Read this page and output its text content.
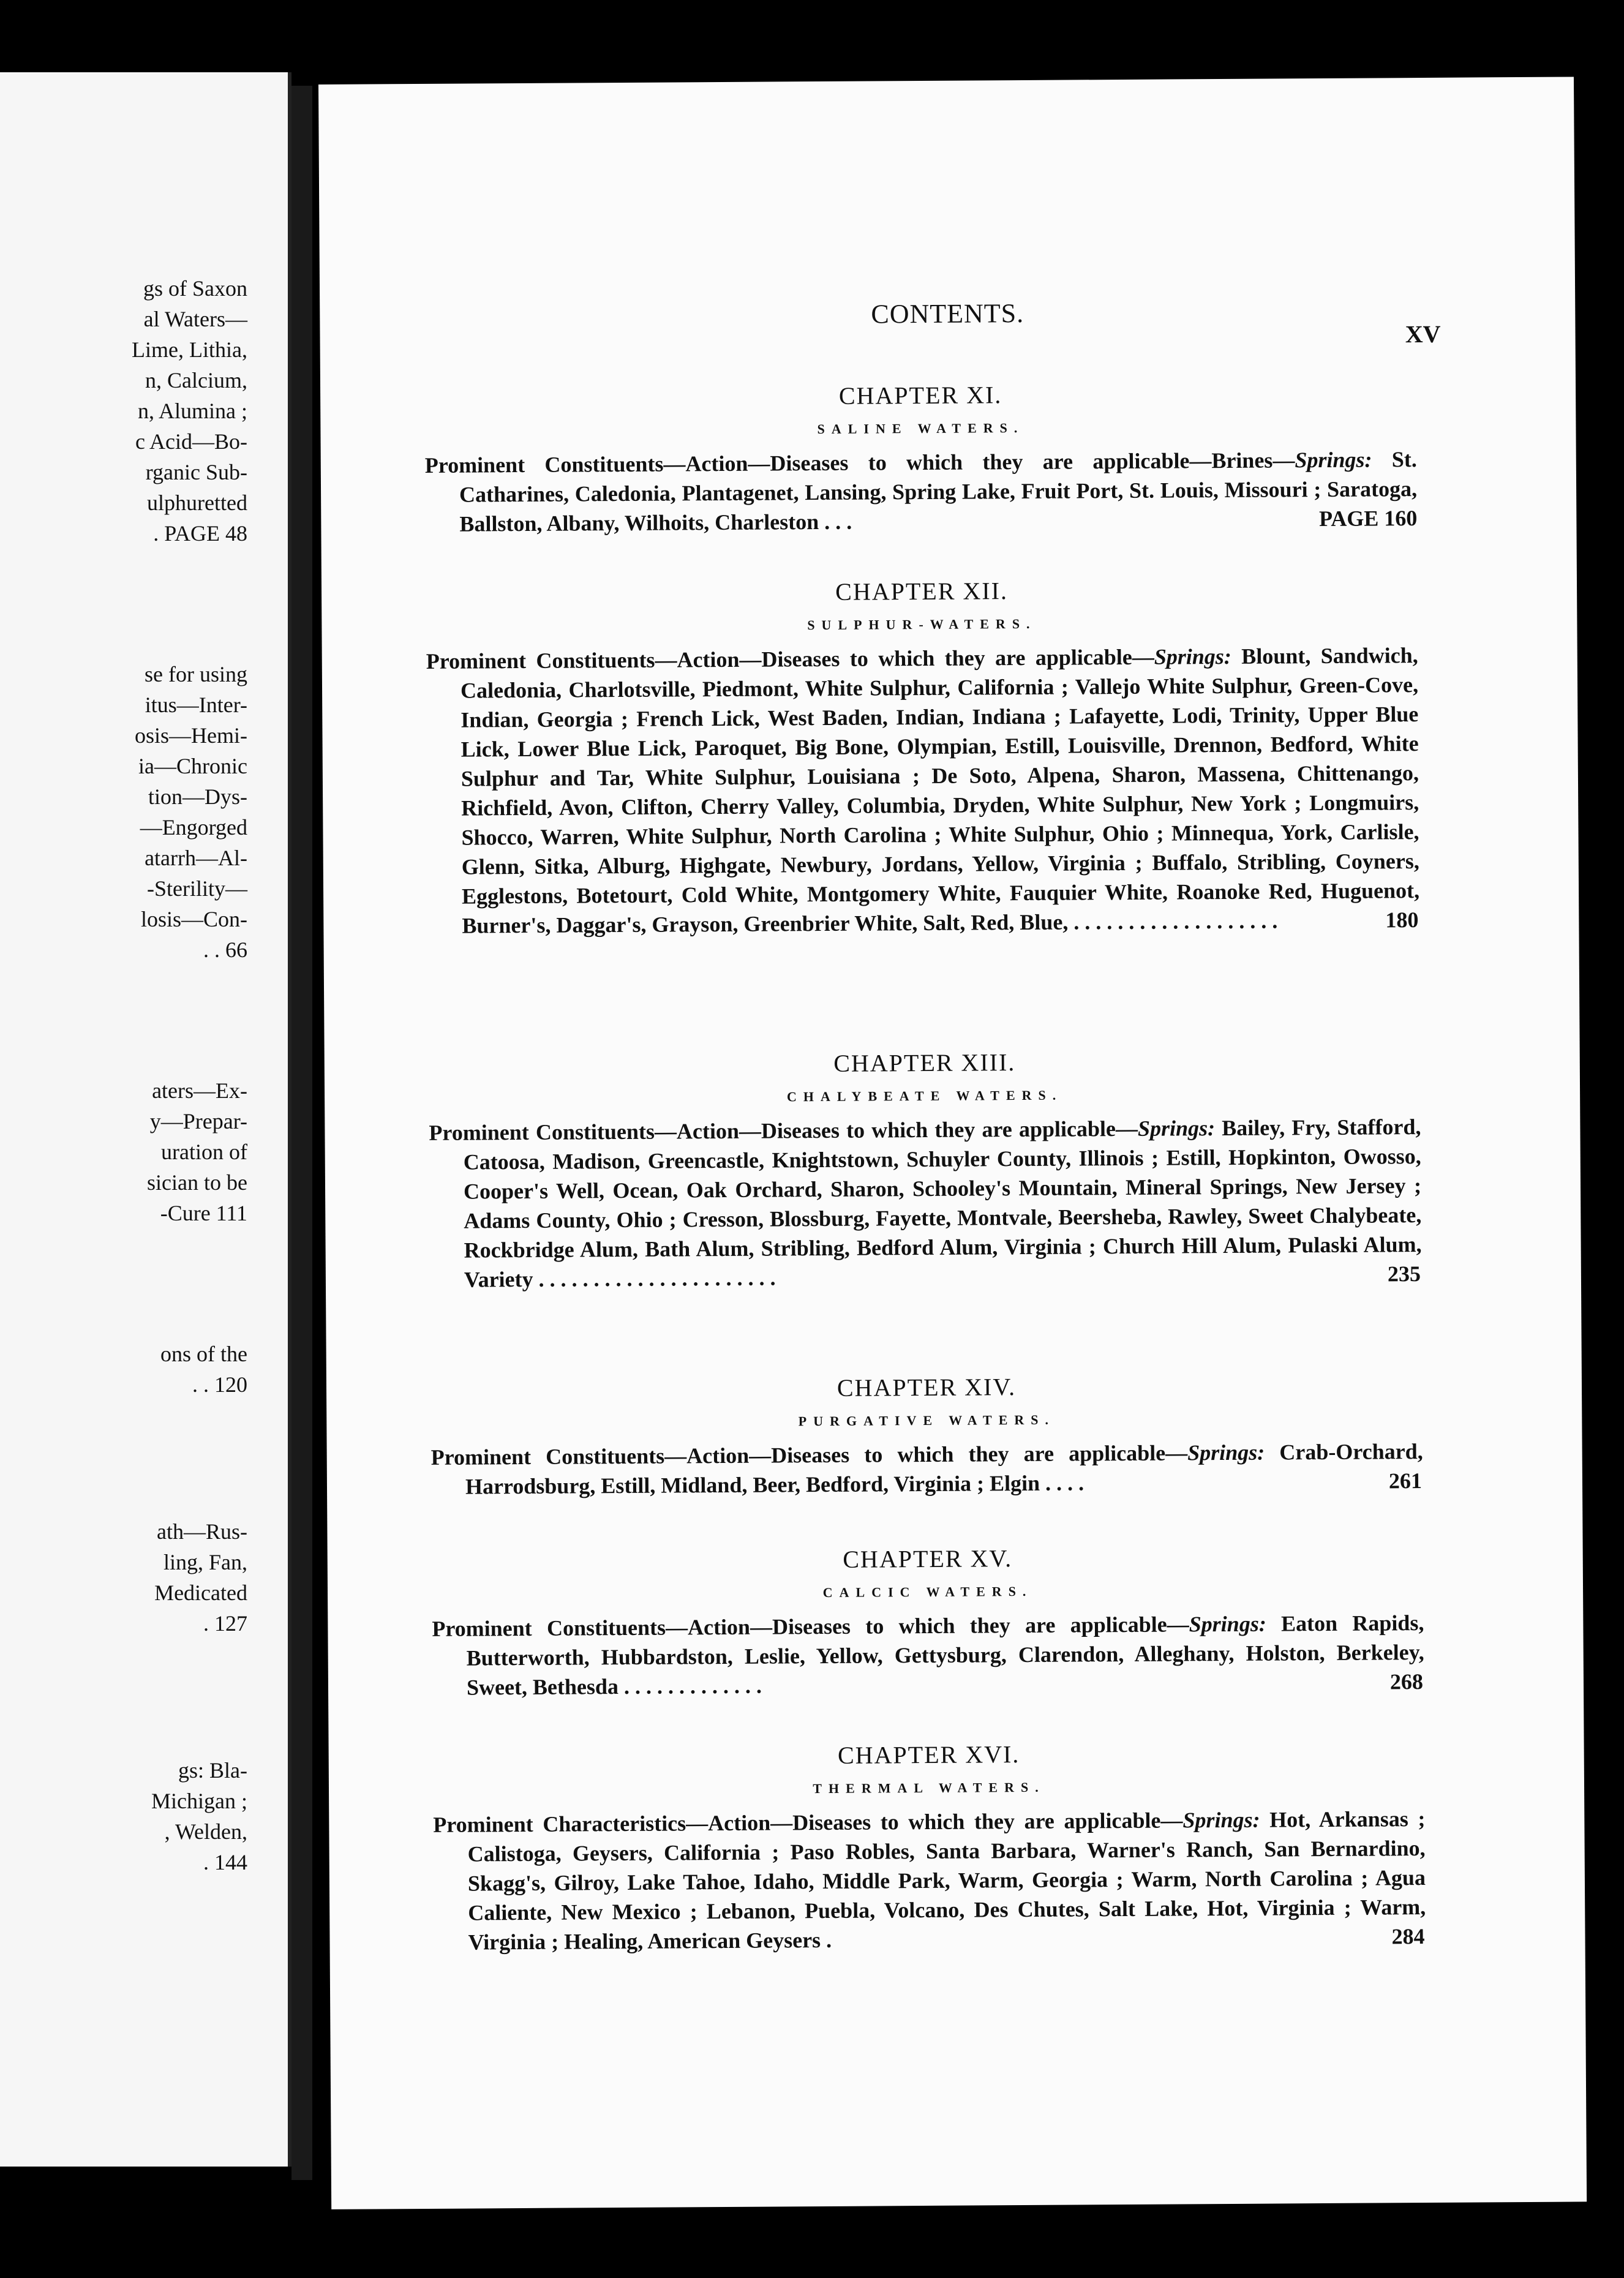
gs of Saxon
al Waters—
Lime, Lithia,
n, Calcium,
n, Alumina ;
c Acid—Bo-
rganic Sub-
ulphuretted
. PAGE 48
se for using
itus—Inter-
osis—Hemi-
ia—Chronic
tion—Dys-
—Engorged
atarrh—Al-
-Sterility—
losis—Con-
. . 66
aters—Ex-
y—Prepar-
uration of
sician to be
-Cure 111
ons of the
. . 120
ath—Rus-
ling, Fan,
Medicated
. 127
gs: Bla-
Michigan ;
, Welden,
. 144
CONTENTS.
XV
CHAPTER XI.
SALINE WATERS.
Prominent Constituents—Action—Diseases to which they are applicable—Brines—Springs: St. Catharines, Caledonia, Plantagenet, Lansing, Spring Lake, Fruit Port, St. Louis, Missouri ; Saratoga, Ballston, Albany, Wilhoits, Charleston . . .	PAGE 160
CHAPTER XII.
SULPHUR-WATERS.
Prominent Constituents—Action—Diseases to which they are applicable—Springs: Blount, Sandwich, Caledonia, Charlotsville, Piedmont, White Sulphur, California ; Vallejo White Sulphur, Green-Cove, Indian, Georgia ; French Lick, West Baden, Indian, Indiana ; Lafayette, Lodi, Trinity, Upper Blue Lick, Lower Blue Lick, Paroquet, Big Bone, Olympian, Estill, Louisville, Drennon, Bedford, White Sulphur and Tar, White Sulphur, Louisiana ; De Soto, Alpena, Sharon, Massena, Chittenango, Richfield, Avon, Clifton, Cherry Valley, Columbia, Dryden, White Sulphur, New York ; Longmuirs, Shocco, Warren, White Sulphur, North Carolina ; White Sulphur, Ohio ; Minnequa, York, Carlisle, Glenn, Sitka, Alburg, Highgate, Newbury, Jordans, Yellow, Virginia ; Buffalo, Stribling, Coyners, Egglestons, Botetourt, Cold White, Montgomery White, Fauquier White, Roanoke Red, Huguenot, Burner's, Daggar's, Grayson, Greenbrier White, Salt, Red, Blue, . . . . . . . . . . . . . . . . . . .	180
CHAPTER XIII.
CHALYBEATE WATERS.
Prominent Constituents—Action—Diseases to which they are applicable—Springs: Bailey, Fry, Stafford, Catoosa, Madison, Greencastle, Knightstown, Schuyler County, Illinois ; Estill, Hopkinton, Owosso, Cooper's Well, Ocean, Oak Orchard, Sharon, Schooley's Mountain, Mineral Springs, New Jersey ; Adams County, Ohio ; Cresson, Blossburg, Fayette, Montvale, Beersheba, Rawley, Sweet Chalybeate, Rockbridge Alum, Bath Alum, Stribling, Bedford Alum, Virginia ; Church Hill Alum, Pulaski Alum, Variety . . . . . . . . . . . . . . . . . . . . . .	235
CHAPTER XIV.
PURGATIVE WATERS.
Prominent Constituents—Action—Diseases to which they are applicable—Springs: Crab-Orchard, Harrodsburg, Estill, Midland, Beer, Bedford, Virginia ; Elgin . . . .	261
CHAPTER XV.
CALCIC WATERS.
Prominent Constituents—Action—Diseases to which they are applicable—Springs: Eaton Rapids, Butterworth, Hubbardston, Leslie, Yellow, Gettysburg, Clarendon, Alleghany, Holston, Berkeley, Sweet, Bethesda . . . . . . . . . . . . .	268
CHAPTER XVI.
THERMAL WATERS.
Prominent Characteristics—Action—Diseases to which they are applicable—Springs: Hot, Arkansas ; Calistoga, Geysers, California ; Paso Robles, Santa Barbara, Warner's Ranch, San Bernardino, Skagg's, Gilroy, Lake Tahoe, Idaho, Middle Park, Warm, Georgia ; Warm, North Carolina ; Agua Caliente, New Mexico ; Lebanon, Puebla, Volcano, Des Chutes, Salt Lake, Hot, Virginia ; Warm, Virginia ; Healing, American Geysers .	284
